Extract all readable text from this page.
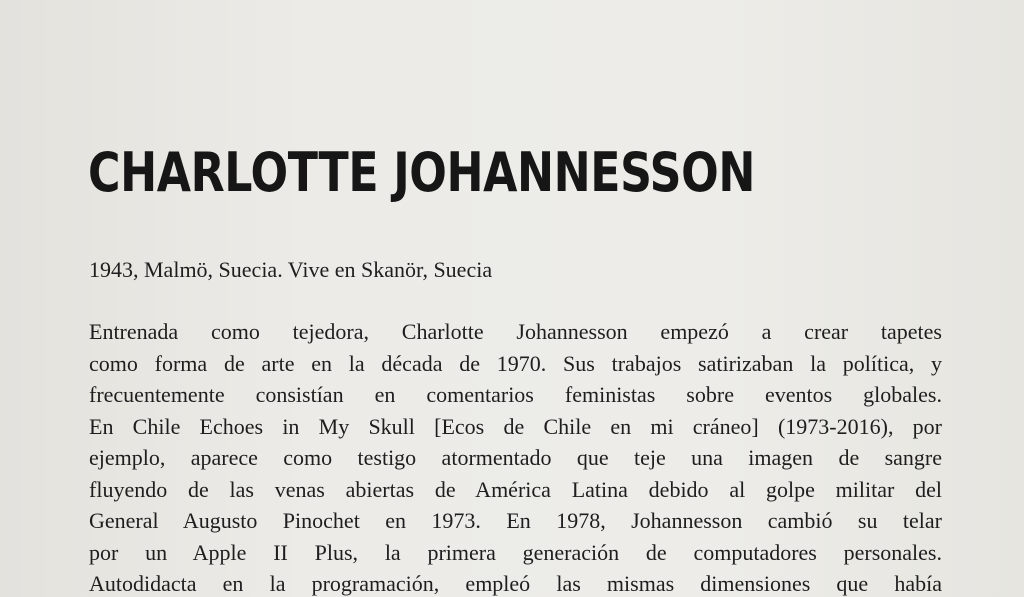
CHARLOTTE JOHANNESSON

1943, Malmö, Suecia. Vive en Skanör, Suecia

Entrenada como tejedora, Charlotte Johannesson empezó a crear tapetes
como forma de arte en la década de 1970. Sus trabajos satirizaban la política, y
frecuentemente consistían en comentarios feministas sobre eventos globales.
En Chile Echoes in My Skull [Ecos de Chile en mi cráneo] (1973-2016), por
ejemplo, aparece como testigo atormentado que teje una imagen de sangre
fluyendo de las venas abiertas de América Latina debido al golpe militar del
General Augusto Pinochet en 1973. En 1978, Johannesson cambió su telar
por un Apple II Plus, la primera generación de computadores personales.
Autodidacta en la programación, empleó las mismas dimensiones que había
